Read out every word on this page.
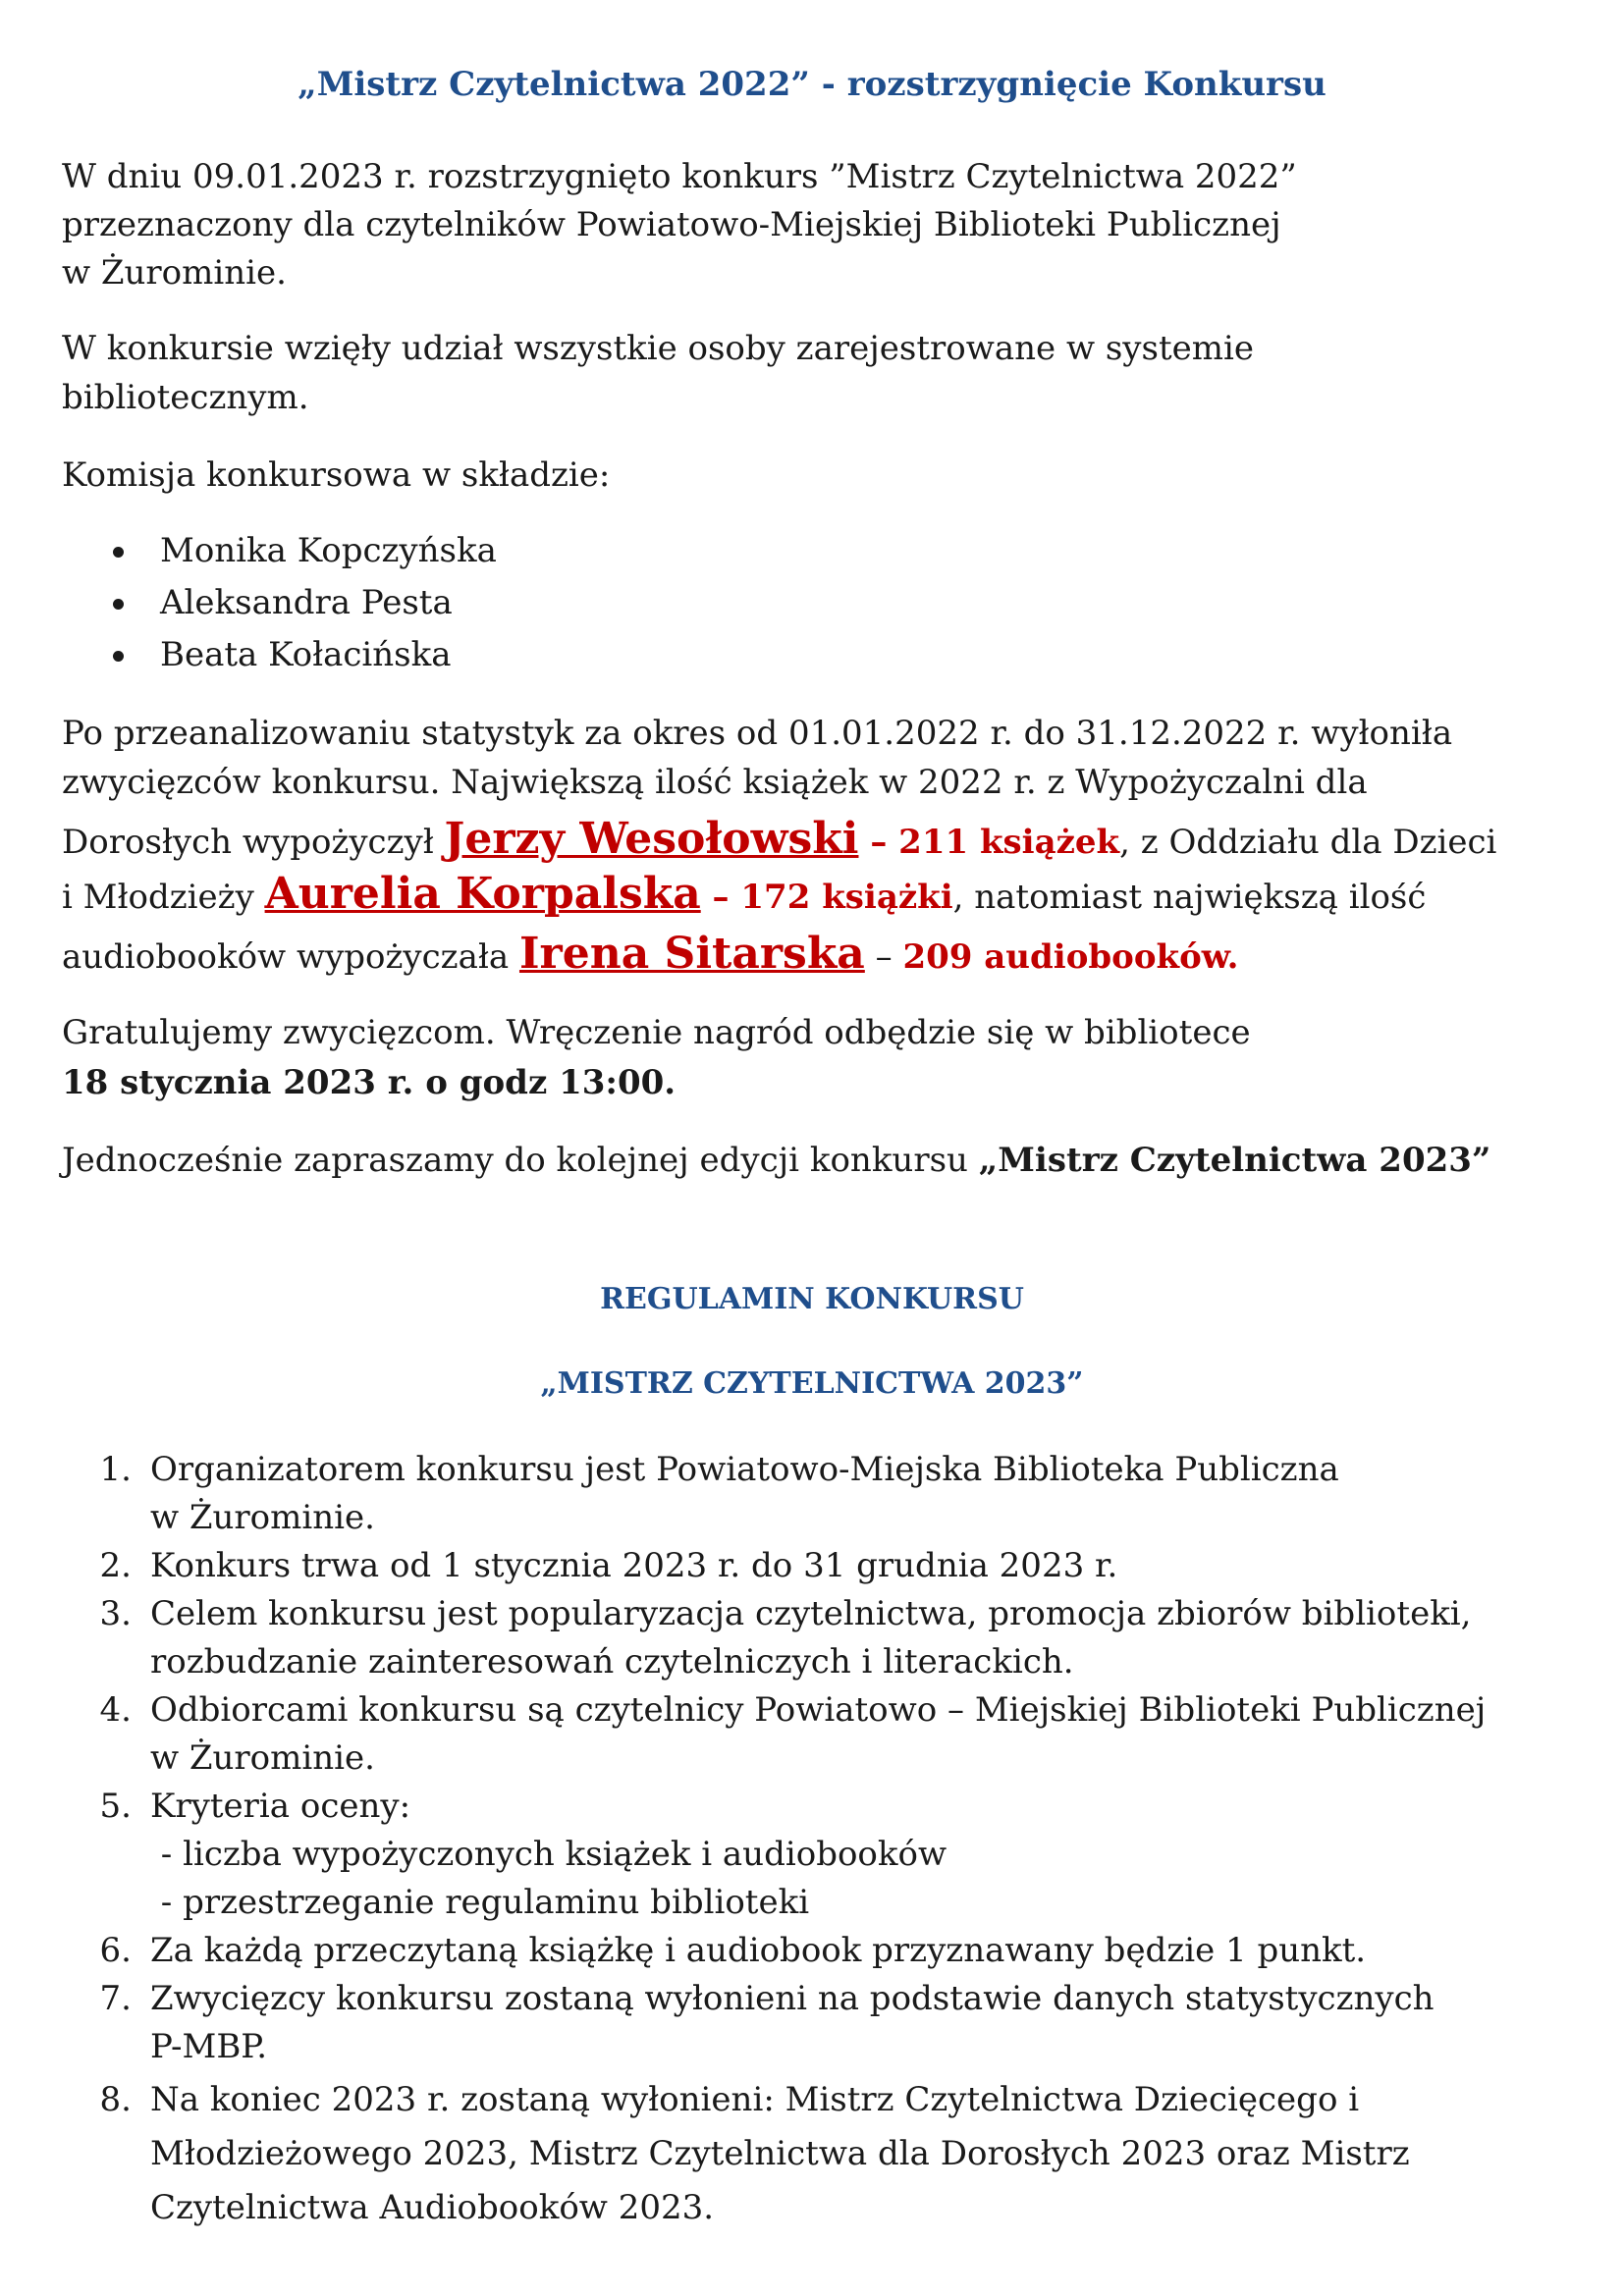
„Mistrz Czytelnictwa 2022” - rozstrzygnięcie Konkursu
W dniu 09.01.2023 r. rozstrzygnięto konkurs ”Mistrz Czytelnictwa 2022”
przeznaczony dla czytelników Powiatowo-Miejskiej Biblioteki Publicznej
w Żurominie.
W konkursie wzięły udział wszystkie osoby zarejestrowane w systemie
bibliotecznym.
Komisja konkursowa w składzie:
Monika Kopczyńska
Aleksandra Pesta
Beata Kołacińska
Po przeanalizowaniu statystyk za okres od 01.01.2022 r. do 31.12.2022 r. wyłoniła
zwycięzców konkursu. Największą ilość książek w 2022 r. z Wypożyczalni dla
Dorosłych wypożyczył Jerzy Wesołowski – 211 książek, z Oddziału dla Dzieci
i Młodzieży Aurelia Korpalska – 172 książki, natomiast największą ilość
audiobooków wypożyczała Irena Sitarska – 209 audiobooków.
Gratulujemy zwycięzcom. Wręczenie nagród odbędzie się w bibliotece
18 stycznia 2023 r. o godz 13:00.
Jednocześnie zapraszamy do kolejnej edycji konkursu „Mistrz Czytelnictwa 2023”
REGULAMIN KONKURSU
„MISTRZ CZYTELNICTWA 2023”
1. Organizatorem konkursu jest Powiatowo-Miejska Biblioteka Publiczna
w Żurominie.
2. Konkurs trwa od 1 stycznia 2023 r. do 31 grudnia 2023 r.
3. Celem konkursu jest popularyzacja czytelnictwa, promocja zbiorów biblioteki,
rozbudzanie zainteresowań czytelniczych i literackich.
4. Odbiorcami konkursu są czytelnicy Powiatowo – Miejskiej Biblioteki Publicznej
w Żurominie.
5. Kryteria oceny:
- liczba wypożyczonych książek i audiobooków
- przestrzeganie regulaminu biblioteki
6. Za każdą przeczytaną książkę i audiobook przyznawany będzie 1 punkt.
7. Zwycięzcy konkursu zostaną wyłonieni na podstawie danych statystycznych
P-MBP.
8. Na koniec 2023 r. zostaną wyłonieni: Mistrz Czytelnictwa Dziecięcego i
Młodzieżowego 2023, Mistrz Czytelnictwa dla Dorosłych 2023 oraz Mistrz
Czytelnictwa Audiobooków 2023.
